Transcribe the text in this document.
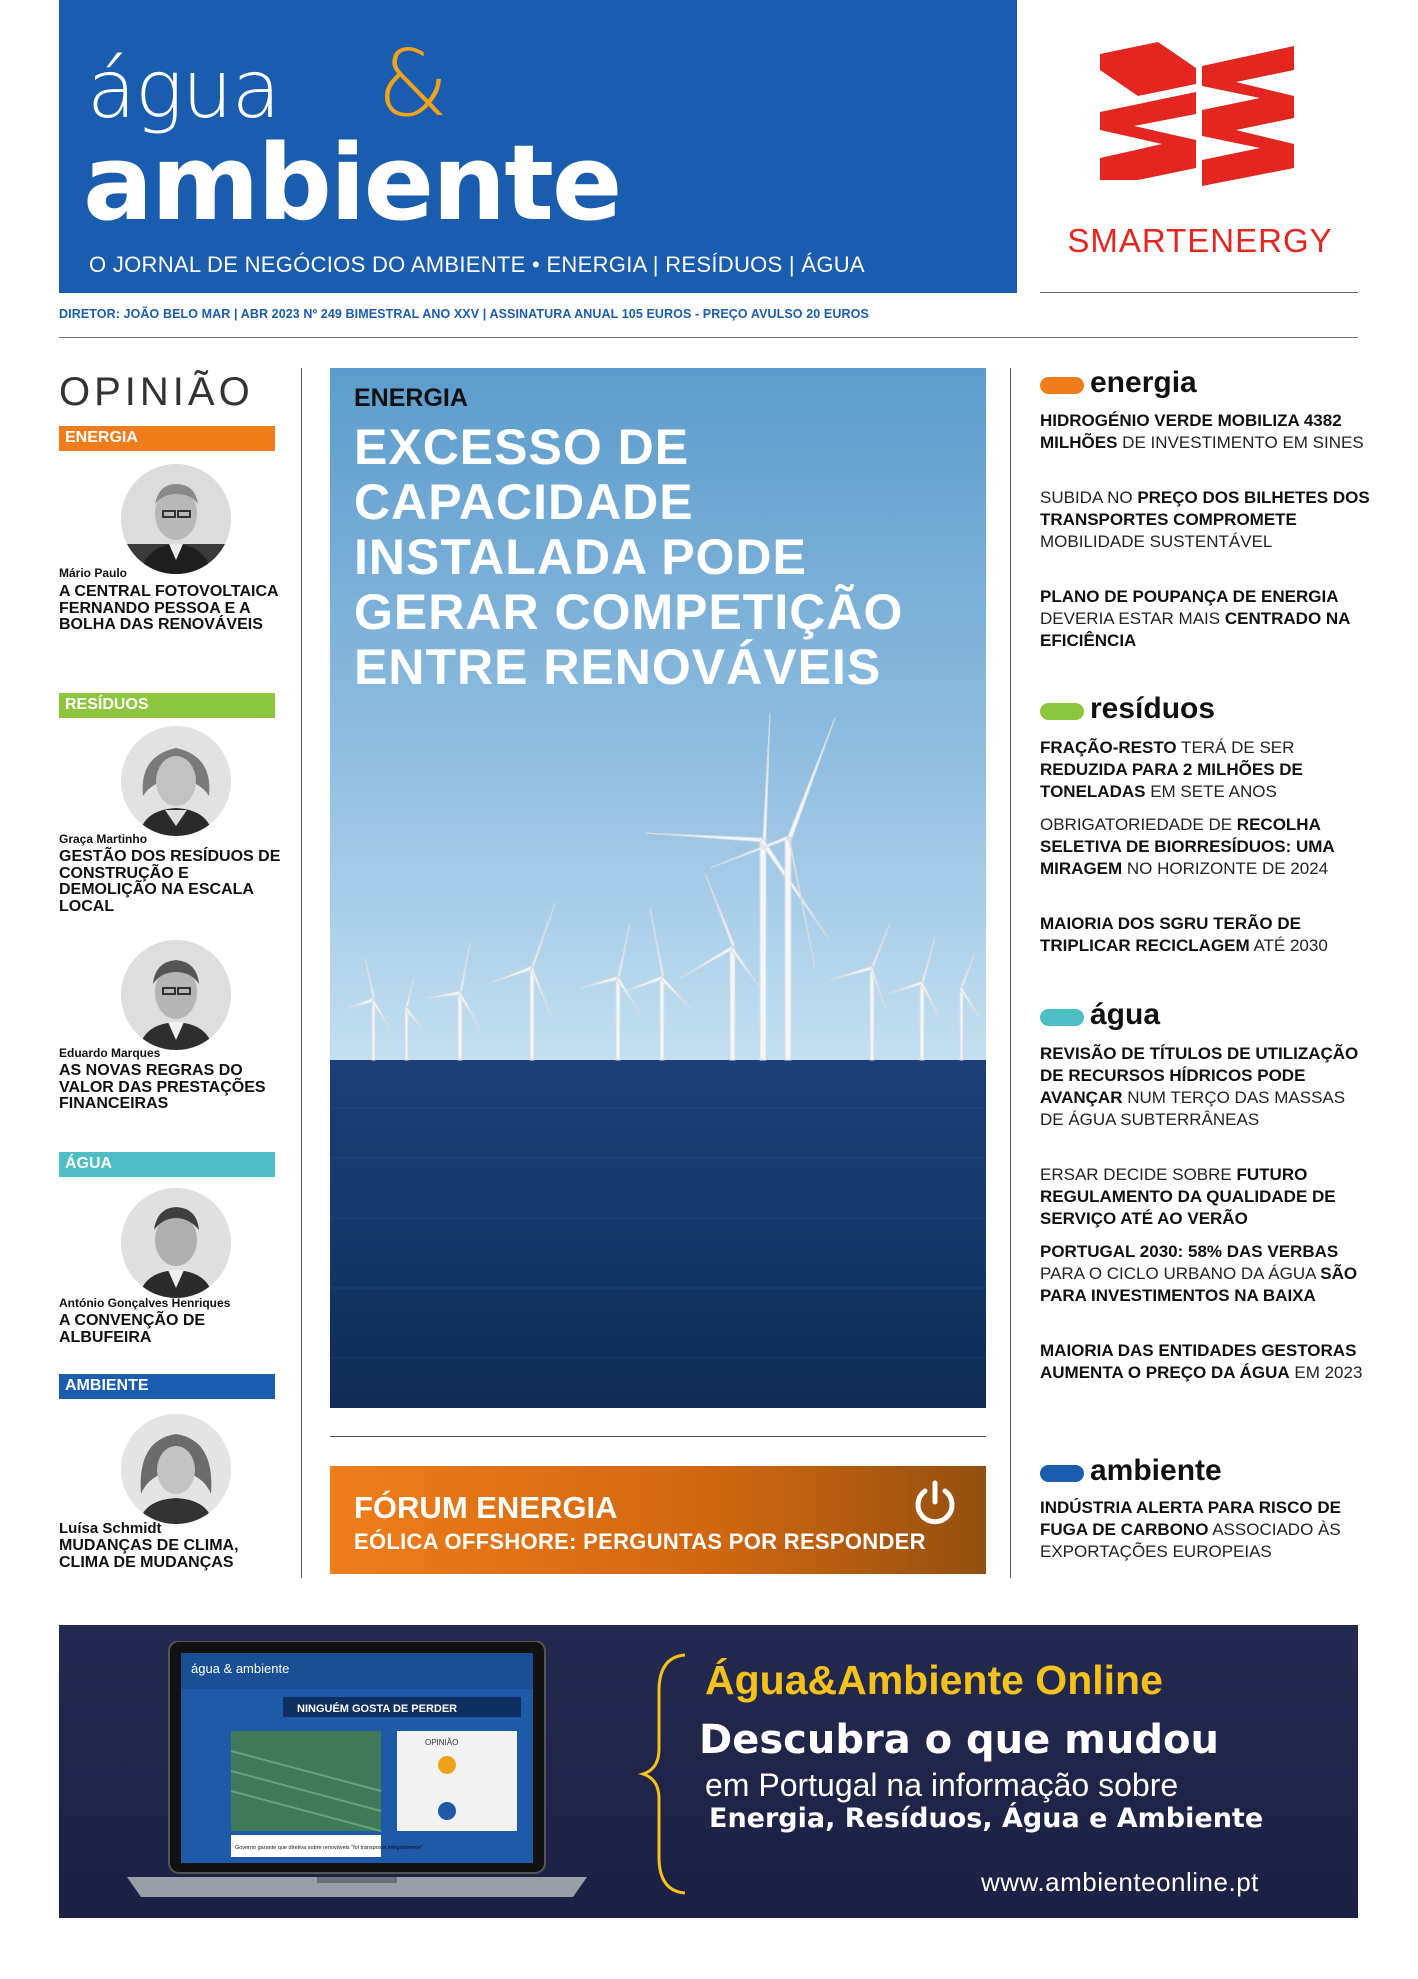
água &
ambiente
O JORNAL DE NEGÓCIOS DO AMBIENTE • ENERGIA | RESÍDUOS | ÁGUA
SMARTENERGY
DIRETOR: JOÃO BELO MAR | ABR 2023 Nº 249 BIMESTRAL ANO XXV | ASSINATURA ANUAL 105 EUROS - PREÇO AVULSO 20 EUROS
OPINIÃO
ENERGIA
Mário Paulo
A CENTRAL FOTOVOLTAICA FERNANDO PESSOA E A BOLHA DAS RENOVÁVEIS
RESÍDUOS
Graça Martinho
GESTÃO DOS RESÍDUOS DE CONSTRUÇÃO E DEMOLIÇÃO NA ESCALA LOCAL
Eduardo Marques
AS NOVAS REGRAS DO VALOR DAS PRESTAÇÕES FINANCEIRAS
ÁGUA
António Gonçalves Henriques
A CONVENÇÃO DE ALBUFEIRA
AMBIENTE
Luísa Schmidt
MUDANÇAS DE CLIMA, CLIMA DE MUDANÇAS
ENERGIA
EXCESSO DE CAPACIDADE INSTALADA PODE GERAR COMPETIÇÃO ENTRE RENOVÁVEIS
FÓRUM ENERGIA
EÓLICA OFFSHORE: PERGUNTAS POR RESPONDER
energia
HIDROGÉNIO VERDE MOBILIZA 4382 MILHÕES DE INVESTIMENTO EM SINES
SUBIDA NO PREÇO DOS BILHETES DOS TRANSPORTES COMPROMETE MOBILIDADE SUSTENTÁVEL
PLANO DE POUPANÇA DE ENERGIA DEVERIA ESTAR MAIS CENTRADO NA EFICIÊNCIA
resíduos
FRAÇÃO-RESTO TERÁ DE SER REDUZIDA PARA 2 MILHÕES DE TONELADAS EM SETE ANOS
OBRIGATORIEDADE DE RECOLHA SELETIVA DE BIORRESÍDUOS: UMA MIRAGEM NO HORIZONTE DE 2024
MAIORIA DOS SGRU TERÃO DE TRIPLICAR RECICLAGEM ATÉ 2030
água
REVISÃO DE TÍTULOS DE UTILIZAÇÃO DE RECURSOS HÍDRICOS PODE AVANÇAR NUM TERÇO DAS MASSAS DE ÁGUA SUBTERRÂNEAS
ERSAR DECIDE SOBRE FUTURO REGULAMENTO DA QUALIDADE DE SERVIÇO ATÉ AO VERÃO
PORTUGAL 2030: 58% DAS VERBAS PARA O CICLO URBANO DA ÁGUA SÃO PARA INVESTIMENTOS NA BAIXA
MAIORIA DAS ENTIDADES GESTORAS AUMENTA O PREÇO DA ÁGUA EM 2023
ambiente
INDÚSTRIA ALERTA PARA RISCO DE FUGA DE CARBONO ASSOCIADO ÀS EXPORTAÇÕES EUROPEIAS
água & ambiente
NINGUÉM GOSTA DE PERDER
OPINIÃO
Governo garante que diretiva sobre renováveis "foi transposta integralmente"
Água&Ambiente Online
Descubra o que mudou
em Portugal na informação sobre
Energia, Resíduos, Água e Ambiente
www.ambienteonline.pt
